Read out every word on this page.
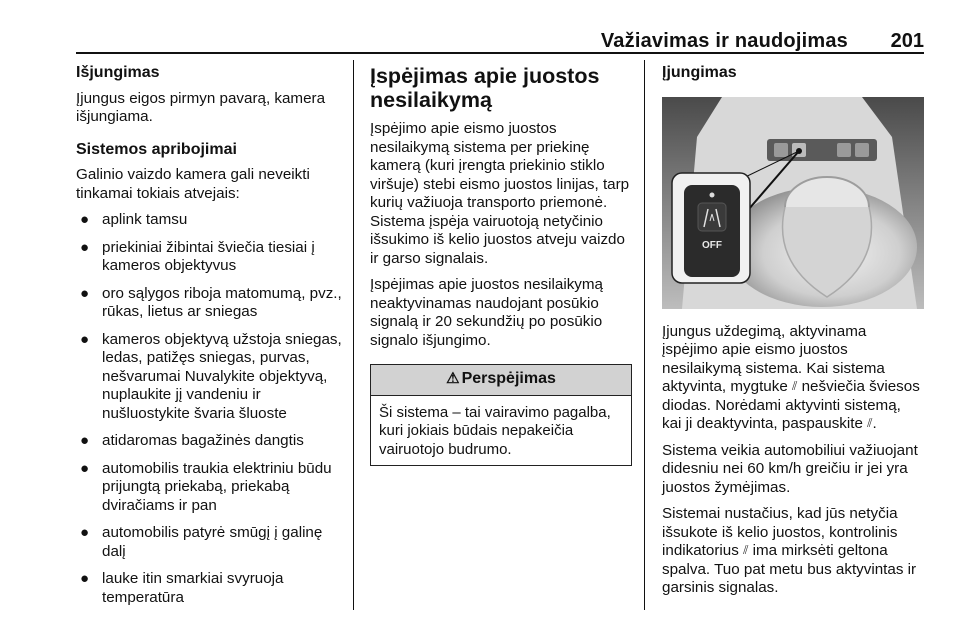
Važiavimas ir naudojimas 201
Išjungimas

Įjungus eigos pirmyn pavarą, kamera išjungiama.

Sistemos apribojimai

Galinio vaizdo kamera gali neveikti tinkamai tokiais atvejais:

● aplink tamsu
● priekiniai žibintai šviečia tiesiai į kameros objektyvus
● oro sąlygos riboja matomumą, pvz., rūkas, lietus ar sniegas
● kameros objektyvą užstoja sniegas, ledas, patižęs sniegas, purvas, nešvarumai Nuvalykite objektyvą, nuplaukite jį vandeniu ir nušluostykite švaria šluoste
● atidaromas bagažinės dangtis
● automobilis traukia elektriniu būdu prijungtą priekabą, priekabą dviračiams ir pan
● automobilis patyrė smūgį į galinę dalį
● lauke itin smarkiai svyruoja temperatūra
Įspėjimas apie juostos nesilaikymą

Įspėjimo apie eismo juostos nesilaikymą sistema per priekinę kamerą (kuri įrengta priekinio stiklo viršuje) stebi eismo juostos linijas, tarp kurių važiuoja transporto priemonė. Sistema įspėja vairuotoją netyčinio išsukimo iš kelio juostos atveju vaizdo ir garso signalais.

Įspėjimas apie juostos nesilaikymą neaktyvinamas naudojant posūkio signalą ir 20 sekundžių po posūkio signalo išjungimo.

⚠ Perspėjimas
Ši sistema – tai vairavimo pagalba, kuri jokiais būdais nepakeičia vairuotojo budrumo.
Įjungimas
OFF

Įjungus uždegimą, aktyvinama įspėjimo apie eismo juostos nesilaikymą sistema. Kai sistema aktyvinta, mygtuke ⫽ nešviečia šviesos diodas. Norėdami aktyvinti sistemą, kai ji deaktyvinta, paspauskite ⫽.

Sistema veikia automobiliui važiuojant didesniu nei 60 km/h greičiu ir jei yra juostos žymėjimas.

Sistemai nustačius, kad jūs netyčia išsukote iš kelio juostos, kontrolinis indikatorius ⫽ ima mirksėti geltona spalva. Tuo pat metu bus aktyvintas ir garsinis signalas.
